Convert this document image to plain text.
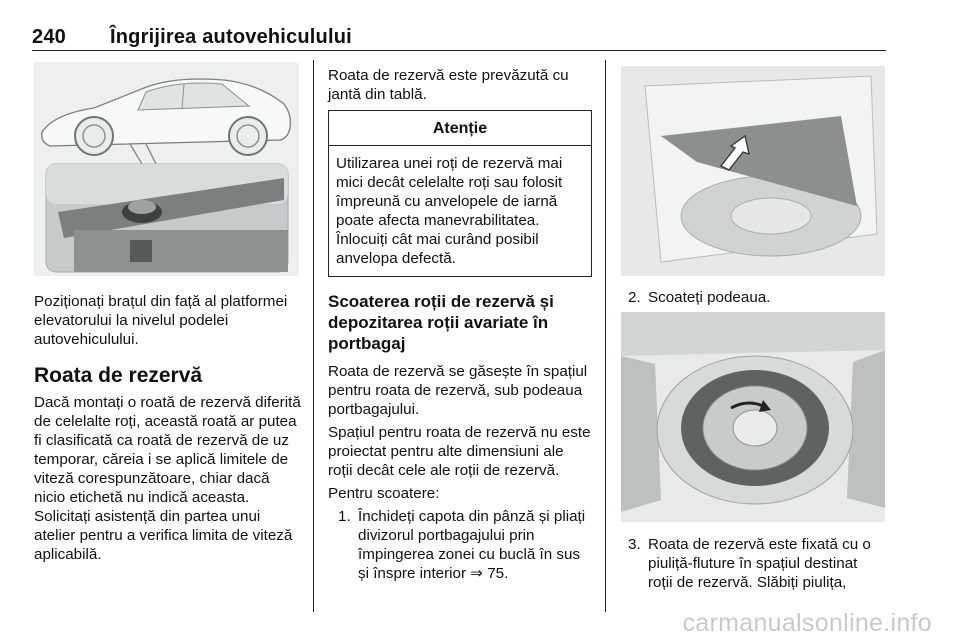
240 Îngrijirea autovehiculului

Poziționați brațul din față al platformei elevatorului la nivelul podelei autovehiculului.

Roata de rezervă

Dacă montați o roată de rezervă diferită de celelalte roți, această roată ar putea fi clasificată ca roată de rezervă de uz temporar, căreia i se aplică limitele de viteză corespunzătoare, chiar dacă nicio etichetă nu indică aceasta. Solicitați asistență din partea unui atelier pentru a verifica limita de viteză aplicabilă.

Roata de rezervă este prevăzută cu jantă din tablă.

Atenție
Utilizarea unei roți de rezervă mai mici decât celelalte roți sau folosit împreună cu anvelopele de iarnă poate afecta manevrabilitatea. Înlocuiți cât mai curând posibil anvelopa defectă.
Scoaterea roții de rezervă și depozitarea roții avariate în portbagaj

Roata de rezervă se găsește în spațiul pentru roata de rezervă, sub podeaua portbagajului.

Spațiul pentru roata de rezervă nu este proiectat pentru alte dimensiuni ale roții decât cele ale roții de rezervă.

Pentru scoatere:

1. Închideți capota din pânză și pliați divizorul portbagajului prin împingerea zonei cu buclă în sus și înspre interior ⇒ 75.
2. Scoateți podeaua.
3. Roata de rezervă este fixată cu o piuliță-fluture în spațiul destinat roții de rezervă. Slăbiți piulița,
carmanualsonline.info
